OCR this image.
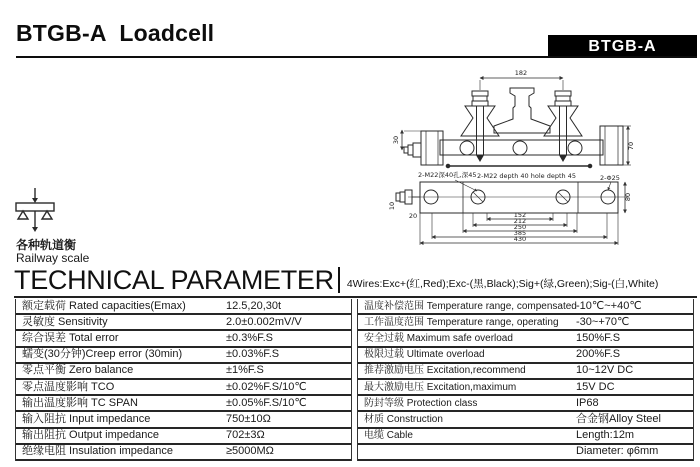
BTGB-A Loadcell	BTGB-A
182
30
70
2-M22深40孔,深45 2-M22 depth 40 hole depth 45	2-Φ25
10
20
80
152
212
250
385
430
各种轨道衡
Railway scale
TECHNICAL PARAMETER 4Wires:Exc+(红,Red);Exc-(黑,Black);Sig+(绿,Green);Sig-(白,White)
额定载荷 Rated capacities(Emax)	12.5,20,30t
灵敏度 Sensitivity	2.0±0.002mV/V
综合误差 Total error	±0.3%F.S
蠕变(30分钟)Creep error (30min)	±0.03%F.S
零点平衡 Zero balance	±1%F.S
零点温度影响 TCO	±0.02%F.S/10℃
输出温度影响 TC SPAN	±0.05%F.S/10℃
输入阻抗 Input impedance	750±10Ω
输出阻抗 Output impedance	702±3Ω
绝缘电阻 Insulation impedance	≥5000MΩ
温度补偿范围 Temperature range, compensated -10℃~+40℃
工作温度范围 Temperature range, operating	-30~+70℃
安全过载 Maximum safe overload	150%F.S
极限过载 Ultimate overload	200%F.S
推荐激励电压 Excitation,recommend	10~12V DC
最大激励电压 Excitation,maximum	15V DC
防封等级 Protection class	IP68
材质 Construction	合金钢Alloy Steel
电缆 Cable	Length:12m
Diameter: φ6mm
